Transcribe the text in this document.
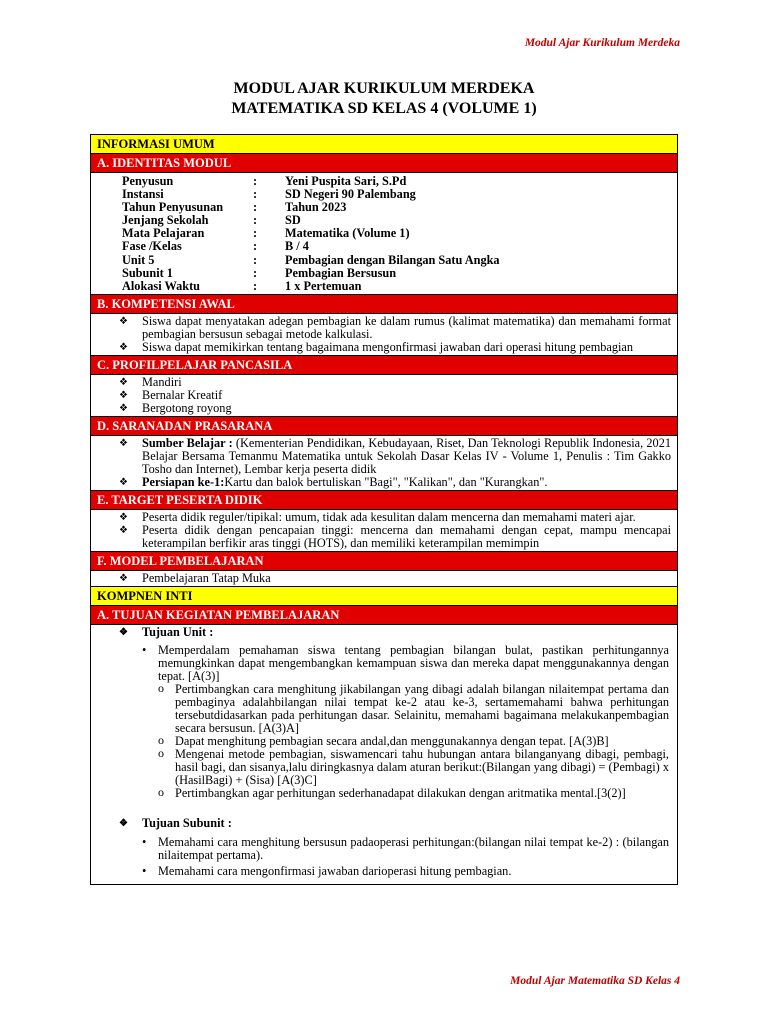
Modul Ajar Kurikulum Merdeka
MODUL AJAR KURIKULUM MERDEKA
MATEMATIKA SD KELAS 4 (VOLUME 1)
INFORMASI UMUM
A. IDENTITAS MODUL
Penyusun	:	Yeni Puspita Sari, S.Pd
Instansi	:	SD Negeri 90 Palembang
Tahun Penyusunan	:	Tahun 2023
Jenjang Sekolah	:	SD
Mata Pelajaran	:	Matematika (Volume 1)
Fase /Kelas	:	B / 4
Unit 5	:	Pembagian dengan Bilangan Satu Angka
Subunit 1	:	Pembagian Bersusun
Alokasi Waktu	:	1 x Pertemuan
B. KOMPETENSI AWAL
❖ Siswa dapat menyatakan adegan pembagian ke dalam rumus (kalimat matematika) dan memahami format pembagian bersusun sebagai metode kalkulasi.
❖ Siswa dapat memikirkan tentang bagaimana mengonfirmasi jawaban dari operasi hitung pembagian
C. PROFILPELAJAR PANCASILA
❖ Mandiri
❖ Bernalar Kreatif
❖ Bergotong royong
D. SARANADAN PRASARANA
❖ Sumber Belajar : (Kementerian Pendidikan, Kebudayaan, Riset, Dan Teknologi Republik Indonesia, 2021 Belajar Bersama Temanmu Matematika untuk Sekolah Dasar Kelas IV - Volume 1, Penulis : Tim Gakko Tosho dan Internet), Lembar kerja peserta didik
❖ Persiapan ke-1:Kartu dan balok bertuliskan "Bagi", "Kalikan", dan "Kurangkan".
E. TARGET PESERTA DIDIK
❖ Peserta didik reguler/tipikal: umum, tidak ada kesulitan dalam mencerna dan memahami materi ajar.
❖ Peserta didik dengan pencapaian tinggi: mencerna dan memahami dengan cepat, mampu mencapai keterampilan berfikir aras tinggi (HOTS), dan memiliki keterampilan memimpin
F. MODEL PEMBELAJARAN
❖ Pembelajaran Tatap Muka
KOMPNEN INTI
A. TUJUAN KEGIATAN PEMBELAJARAN
❖ Tujuan Unit :
• Memperdalam pemahaman siswa tentang pembagian bilangan bulat, pastikan perhitungannya memungkinkan dapat mengembangkan kemampuan siswa dan mereka dapat menggunakannya dengan tepat. [A(3)]
o Pertimbangkan cara menghitung jikabilangan yang dibagi adalah bilangan nilaitempat pertama dan pembaginya adalahbilangan nilai tempat ke-2 atau ke-3, sertamemahami bahwa perhitungan tersebutdidasarkan pada perhitungan dasar. Selainitu, memahami bagaimana melakukanpembagian secara bersusun. [A(3)A]
o Dapat menghitung pembagian secara andal,dan menggunakannya dengan tepat. [A(3)B]
o Mengenai metode pembagian, siswamencari tahu hubungan antara bilanganyang dibagi, pembagi, hasil bagi, dan sisanya,lalu diringkasnya dalam aturan berikut:(Bilangan yang dibagi) = (Pembagi) x (HasilBagi) + (Sisa) [A(3)C]
o Pertimbangkan agar perhitungan sederhanadapat dilakukan dengan aritmatika mental.[3(2)]
❖ Tujuan Subunit :
• Memahami cara menghitung bersusun padaoperasi perhitungan:(bilangan nilai tempat ke-2) : (bilangan nilaitempat pertama).
• Memahami cara mengonfirmasi jawaban darioperasi hitung pembagian.
Modul Ajar Matematika SD Kelas 4
